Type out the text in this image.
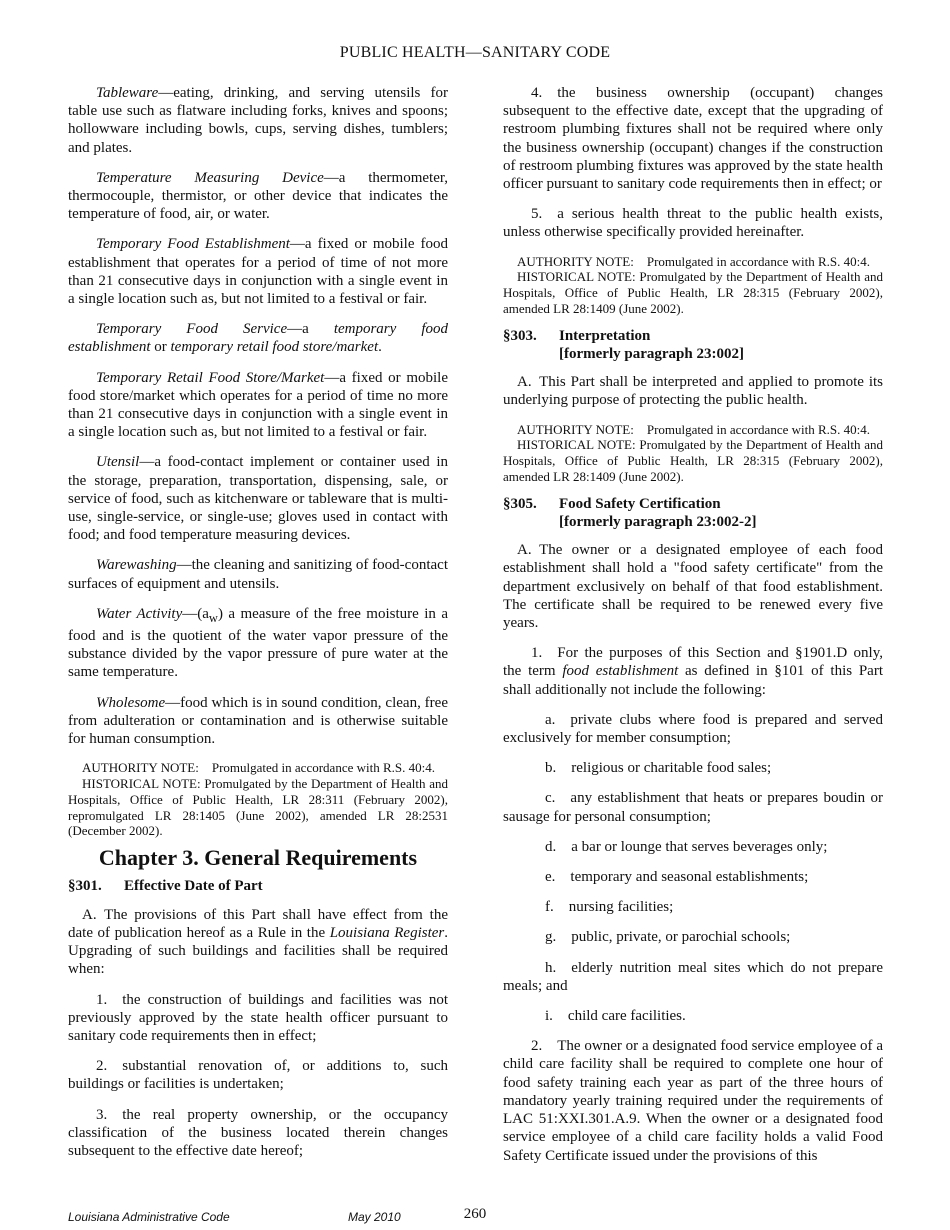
PUBLIC HEALTH—SANITARY CODE

Tableware—eating, drinking, and serving utensils for table use such as flatware including forks, knives and spoons; hollowware including bowls, cups, serving dishes, tumblers; and plates.

Temperature Measuring Device—a thermometer, thermocouple, thermistor, or other device that indicates the temperature of food, air, or water.

Temporary Food Establishment—a fixed or mobile food establishment that operates for a period of time of not more than 21 consecutive days in conjunction with a single event in a single location such as, but not limited to a festival or fair.

Temporary Food Service—a temporary food establishment or temporary retail food store/market.

Temporary Retail Food Store/Market—a fixed or mobile food store/market which operates for a period of time no more than 21 consecutive days in conjunction with a single event in a single location such as, but not limited to a festival or fair.

Utensil—a food-contact implement or container used in the storage, preparation, transportation, dispensing, sale, or service of food, such as kitchenware or tableware that is multi-use, single-service, or single-use; gloves used in contact with food; and food temperature measuring devices.

Warewashing—the cleaning and sanitizing of food-contact surfaces of equipment and utensils.

Water $Activity—(a_w)$ a measure of the free moisture in a food and is the quotient of the water vapor pressure of the substance divided by the vapor pressure of pure water at the same temperature.

Wholesome—food which is in sound condition, clean, free from adulteration or contamination and is otherwise suitable for human consumption.

AUTHORITY NOTE: Promulgated in accordance with R.S. 40:4.

HISTORICAL NOTE: Promulgated by the Department of Health and Hospitals, Office of Public Health, LR 28:311 (February 2002), repromulgated LR 28:1405 (June 2002), amended LR 28:2531 (December 2002).

Chapter 3. General Requirements
§301.	Effective Date of Part

A. The provisions of this Part shall have effect from the date of publication hereof as a Rule in the Louisiana Register. Upgrading of such buildings and facilities shall be required when:

1. the construction of buildings and facilities was not previously approved by the state health officer pursuant to sanitary code requirements then in effect;

2. substantial renovation of, or additions to, such buildings or facilities is undertaken;

3. the real property ownership, or the occupancy classification of the business located therein changes subsequent to the effective date hereof;

4. the business ownership (occupant) changes subsequent to the effective date, except that the upgrading of restroom plumbing fixtures shall not be required where only the business ownership (occupant) changes if the construction of restroom plumbing fixtures was approved by the state health officer pursuant to sanitary code requirements then in effect; or

5. a serious health threat to the public health exists, unless otherwise specifically provided hereinafter.

AUTHORITY NOTE: Promulgated in accordance with R.S. 40:4.

HISTORICAL NOTE: Promulgated by the Department of Health and Hospitals, Office of Public Health, LR 28:315 (February 2002), amended LR 28:1409 (June 2002).

§303.	Interpretation
[formerly paragraph 23:002]

A. This Part shall be interpreted and applied to promote its underlying purpose of protecting the public health.

AUTHORITY NOTE: Promulgated in accordance with R.S. 40:4.

HISTORICAL NOTE: Promulgated by the Department of Health and Hospitals, Office of Public Health, LR 28:315 (February 2002), amended LR 28:1409 (June 2002).

§305.	Food Safety Certification
[formerly paragraph 23:002-2]

A. The owner or a designated employee of each food establishment shall hold a "food safety certificate" from the department exclusively on behalf of that food establishment. The certificate shall be required to be renewed every five years.

1. For the purposes of this Section and §1901.D only, the term food establishment as defined in §101 of this Part shall additionally not include the following:

a. private clubs where food is prepared and served exclusively for member consumption;

b. religious or charitable food sales;

c. any establishment that heats or prepares boudin or sausage for personal consumption;

d. a bar or lounge that serves beverages only;

e. temporary and seasonal establishments;

f. nursing facilities;

g. public, private, or parochial schools;

h. elderly nutrition meal sites which do not prepare meals; and

i. child care facilities.

2. The owner or a designated food service employee of a child care facility shall be required to complete one hour of food safety training each year as part of the three hours of mandatory yearly training required under the requirements of LAC 51:XXI.301.A.9. When the owner or a designated food service employee of a child care facility holds a valid Food Safety Certificate issued under the provisions of this

Louisiana Administrative Code	May 2010	260
